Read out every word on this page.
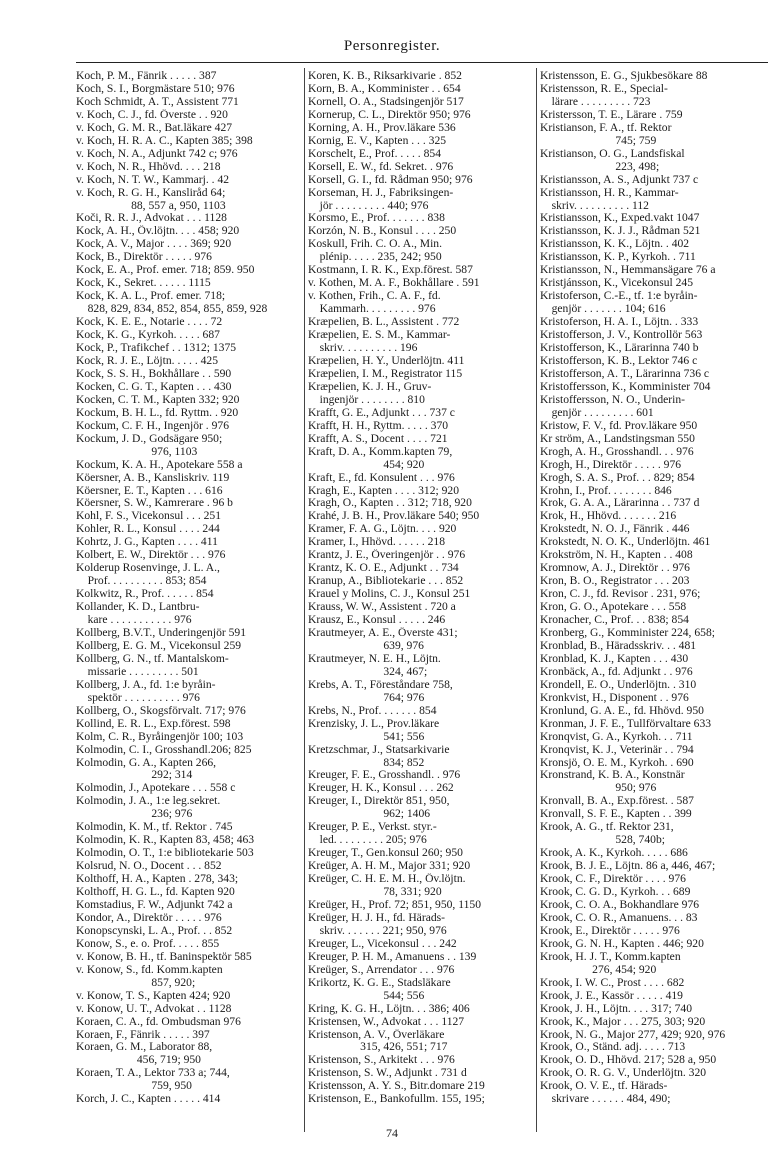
Personregister.
Koch, P. M., Fänrik . . . . . 387
Koch, S. I., Borgmästare 510; 976
Koch Schmidt, A. T., Assistent 771
v. Koch, C. J., fd. Överste . . 920
v. Koch, G. M. R., Bat.läkare 427
v. Koch, H. R. A. C., Kapten 385; 398
v. Koch, N. A., Adjunkt 742 c; 976
v. Koch, N. R., Hhövd. . . . 218
v. Koch, N. T. W., Kammarj. . 42
v. Koch, R. G. H., Kansliråd 64;
88, 557 a, 950, 1103
Koči, R. R. J., Advokat . . . 1128
Kock, A. H., Öv.löjtn. . . . 458; 920
Kock, A. V., Major . . . . 369; 920
Kock, B., Direktör . . . . . 976
Kock, E. A., Prof. emer. 718; 859. 950
Kock, K., Sekret. . . . . . 1115
Kock, K. A. L., Prof. emer. 718;
828, 829, 834, 852, 854, 855, 859, 928
Kock, K. E. E., Notarie . . . . 72
Kock, K. G., Kyrkoh. . . . . 687
Kock, P., Trafikchef . . 1312; 1375
Kock, R. J. E., Löjtn. . . . . 425
Kock, S. S. H., Bokhållare . . 590
Kocken, C. G. T., Kapten . . . 430
Kocken, C. T. M., Kapten 332; 920
Kockum, B. H. L., fd. Ryttm. . 920
Kockum, C. F. H., Ingenjör . 976
Kockum, J. D., Godsägare 950;
976, 1103
Kockum, K. A. H., Apotekare 558 a
Köersner, A. B., Kansliskriv. 119
Köersner, E. T., Kapten . . . 616
Köersner, S. W., Kamrerare . 96 b
Kohl, F. S., Vicekonsul . . . 251
Kohler, R. L., Konsul . . . . 244
Kohrtz, J. G., Kapten . . . . 411
Kolbert, E. W., Direktör . . . 976
Kolderup Rosenvinge, J. L. A.,
Prof. . . . . . . . . . 853; 854
Kolkwitz, R., Prof. . . . . . 854
Kollander, K. D., Lantbru-
kare . . . . . . . . . . . 976
Kollberg, B.V.T., Underingenjör 591
Kollberg, E. G. M., Vicekonsul 259
Kollberg, G. N., tf. Mantalskom-
missarie . . . . . . . . . 501
Kollberg, J. A., fd. 1:e byråin-
spektör . . . . . . . . . . 976
Kollberg, O., Skogsförvalt. 717; 976
Kollind, E. R. L., Exp.förest. 598
Kolm, C. R., Byråingenjör 100; 103
Kolmodin, C. I., Grosshandl.206; 825
Kolmodin, G. A., Kapten 266,
292; 314
Kolmodin, J., Apotekare . . . 558 c
Kolmodin, J. A., 1:e leg.sekret.
236; 976
Kolmodin, K. M., tf. Rektor . 745
Kolmodin, K. R., Kapten 83, 458; 463
Kolmodin, O. T., 1:e bibliotekarie 503
Kolsrud, N. O., Docent . . . 852
Kolthoff, H. A., Kapten . 278, 343;
Kolthoff, H. G. L., fd. Kapten 920
Komstadius, F. W., Adjunkt 742 a
Kondor, A., Direktör . . . . . 976
Konopscynski, L. A., Prof. . . 852
Konow, S., e. o. Prof. . . . . 855
v. Konow, B. H., tf. Baninspektör 585
v. Konow, S., fd. Komm.kapten
857, 920;
v. Konow, T. S., Kapten 424; 920
v. Konow, U. T., Advokat . . 1128
Koraen, C. A., fd. Ombudsman 976
Koraen, F., Fänrik . . . . . 397
Koraen, G. M., Laborator 88,
456, 719; 950
Koraen, T. A., Lektor 733 a; 744,
759, 950
Korch, J. C., Kapten . . . . . 414
Koren, K. B., Riksarkivarie . 852
Korn, B. A., Komminister . . 654
Kornell, O. A., Stadsingenjör 517
Kornerup, C. L., Direktör 950; 976
Korning, A. H., Prov.läkare 536
Kornig, E. V., Kapten . . . 325
Korschelt, E., Prof. . . . . 854
Korsell, E. W., fd. Sekret. . 976
Korsell, G. I., fd. Rådman 950; 976
Korseman, H. J., Fabriksingen-
jör . . . . . . . . . 440; 976
Korsmo, E., Prof. . . . . . . 838
Korzón, N. B., Konsul . . . . 250
Koskull, Frih. C. O. A., Min.
plénip. . . . . 235, 242; 950
Kostmann, I. R. K., Exp.förest. 587
v. Kothen, M. A. F., Bokhållare . 591
v. Kothen, Frih., C. A. F., fd.
Kammarh. . . . . . . . . 976
Kræpelien, B. L., Assistent . 772
Kræpelien, E. S. M., Kammar-
skriv. . . . . . . . . . 196
Kræpelien, H. Y., Underlöjtn. 411
Kræpelien, I. M., Registrator 115
Kræpelien, K. J. H., Gruv-
ingenjör . . . . . . . . 810
Krafft, G. E., Adjunkt . . . 737 c
Krafft, H. H., Ryttm. . . . . 370
Krafft, A. S., Docent . . . . 721
Kraft, D. A., Komm.kapten 79,
454; 920
Kraft, E., fd. Konsulent . . . 976
Kragh, E., Kapten . . . . 312; 920
Kragh, O., Kapten . . 312; 718, 920
Krahé, J. B. H., Prov.läkare 540; 950
Kramer, F. A. G., Löjtn. . . . 920
Kramer, I., Hhövd. . . . . . 218
Krantz, J. E., Överingenjör . . 976
Krantz, K. O. E., Adjunkt . . 734
Kranup, A., Bibliotekarie . . . 852
Krauel y Molins, C. J., Konsul 251
Krauss, W. W., Assistent . 720 a
Krausz, E., Konsul . . . . . 246
Krautmeyer, A. E., Överste 431;
639, 976
Krautmeyer, N. E. H., Löjtn.
324, 467;
Krebs, A. T., Föreståndare 758,
764; 976
Krebs, N., Prof. . . . . . . 854
Krenzisky, J. L., Prov.läkare
541; 556
Kretzschmar, J., Statsarkivarie
834; 852
Kreuger, F. E., Grosshandl. . 976
Kreuger, H. K., Konsul . . . 262
Kreuger, I., Direktör 851, 950,
962; 1406
Kreuger, P. E., Verkst. styr.-
led. . . . . . . . . 205; 976
Kreuger, T., Gen.konsul 260; 950
Kreüger, A. H. M., Major 331; 920
Kreüger, C. H. E. M. H., Öv.löjtn.
78, 331; 920
Kreüger, H., Prof. 72; 851, 950, 1150
Kreüger, H. J. H., fd. Härads-
skriv. . . . . . . 221; 950, 976
Kreuger, L., Vicekonsul . . . 242
Kreuger, P. H. M., Amanuens . . 139
Kreüger, S., Arrendator . . . 976
Krikortz, K. G. E., Stadsläkare
544; 556
Kring, K. G. H., Löjtn. . . 386; 406
Kristensen, W., Advokat . . . 1127
Kristenson, A. V., Överläkare
315, 426, 551; 717
Kristenson, S., Arkitekt . . . 976
Kristenson, S. W., Adjunkt . 731 d
Kristensson, A. Y. S., Bitr.domare 219
Kristenson, E., Bankofullm. 155, 195;
Kristensson, E. G., Sjukbesökare 88
Kristensson, R. E., Special-
lärare . . . . . . . . . 723
Kristersson, T. E., Lärare . 759
Kristianson, F. A., tf. Rektor
745; 759
Kristianson, O. G., Landsfiskal
223, 498;
Kristiansson, A. S., Adjunkt 737 c
Kristiansson, H. R., Kammar-
skriv. . . . . . . . . . 112
Kristiansson, K., Exped.vakt 1047
Kristiansson, K. J. J., Rådman 521
Kristiansson, K. K., Löjtn. . 402
Kristiansson, K. P., Kyrkoh. . 711
Kristiansson, N., Hemmansägare 76 a
Kristjánsson, K., Vicekonsul 245
Kristoferson, C.-E., tf. 1:e byråin-
genjör . . . . . . . 104; 616
Kristoferson, H. A. I., Löjtn. . 333
Kristofferson, J. V., Kontrollör 563
Kristofferson, K., Lärarinna 740 b
Kristofferson, K. B., Lektor 746 c
Kristofferson, A. T., Lärarinna 736 c
Kristoffersson, K., Komminister 704
Kristoffersson, N. O., Underin-
genjör . . . . . . . . . 601
Kristow, F. V., fd. Prov.läkare 950
Kr ström, A., Landstingsman 550
Krogh, A. H., Grosshandl. . . 976
Krogh, H., Direktör . . . . . 976
Krogh, S. A. S., Prof. . . 829; 854
Krohn, I., Prof. . . . . . . . 846
Krok, G. A. A., Lärarinna . . 737 d
Krok, H., Hhövd. . . . . . . 216
Krokstedt, N. O. J., Fänrik . 446
Krokstedt, N. O. K., Underlöjtn. 461
Krokström, N. H., Kapten . . 408
Kromnow, A. J., Direktör . . 976
Kron, B. O., Registrator . . . 203
Kron, C. J., fd. Revisor . 231, 976;
Kron, G. O., Apotekare . . . 558
Kronacher, C., Prof. . . 838; 854
Kronberg, G., Komminister 224, 658;
Kronblad, B., Häradsskriv. . . 481
Kronblad, K. J., Kapten . . . 430
Kronbäck, A., fd. Adjunkt . . 976
Krondell, E. O., Underlöjtn. . 310
Kronkvist, H., Disponent . . 976
Kronlund, G. A. E., fd. Hhövd. 950
Kronman, J. F. E., Tullförvaltare 633
Kronqvist, G. A., Kyrkoh. . . 711
Kronqvist, K. J., Veterinär . . 794
Kronsjö, O. E. M., Kyrkoh. . 690
Kronstrand, K. B. A., Konstnär
950; 976
Kronvall, B. A., Exp.förest. . 587
Kronvall, S. F. E., Kapten . . 399
Krook, A. G., tf. Rektor 231,
528, 740b;
Krook, A. K., Kyrkoh. . . . . 686
Krook, B. J. E., Löjtn. 86 a, 446, 467;
Krook, C. F., Direktör . . . . 976
Krook, C. G. D., Kyrkoh. . . 689
Krook, C. O. A., Bokhandlare 976
Krook, C. O. R., Amanuens. . . 83
Krook, E., Direktör . . . . . 976
Krook, G. N. H., Kapten . 446; 920
Krook, H. J. T., Komm.kapten
276, 454; 920
Krook, I. W. C., Prost . . . . 682
Krook, J. E., Kassör . . . . . 419
Krook, J. H., Löjtn. . . . 317; 740
Krook, K., Major . . . 275, 303; 920
Krook, N. G., Major 277, 429; 920, 976
Krook, O., Ständ. adj. . . . . 713
Krook, O. D., Hhövd. 217; 528 a, 950
Krook, O. R. G. V., Underlöjtn. 320
Krook, O. V. E., tf. Härads-
skrivare . . . . . . 484, 490;
74
